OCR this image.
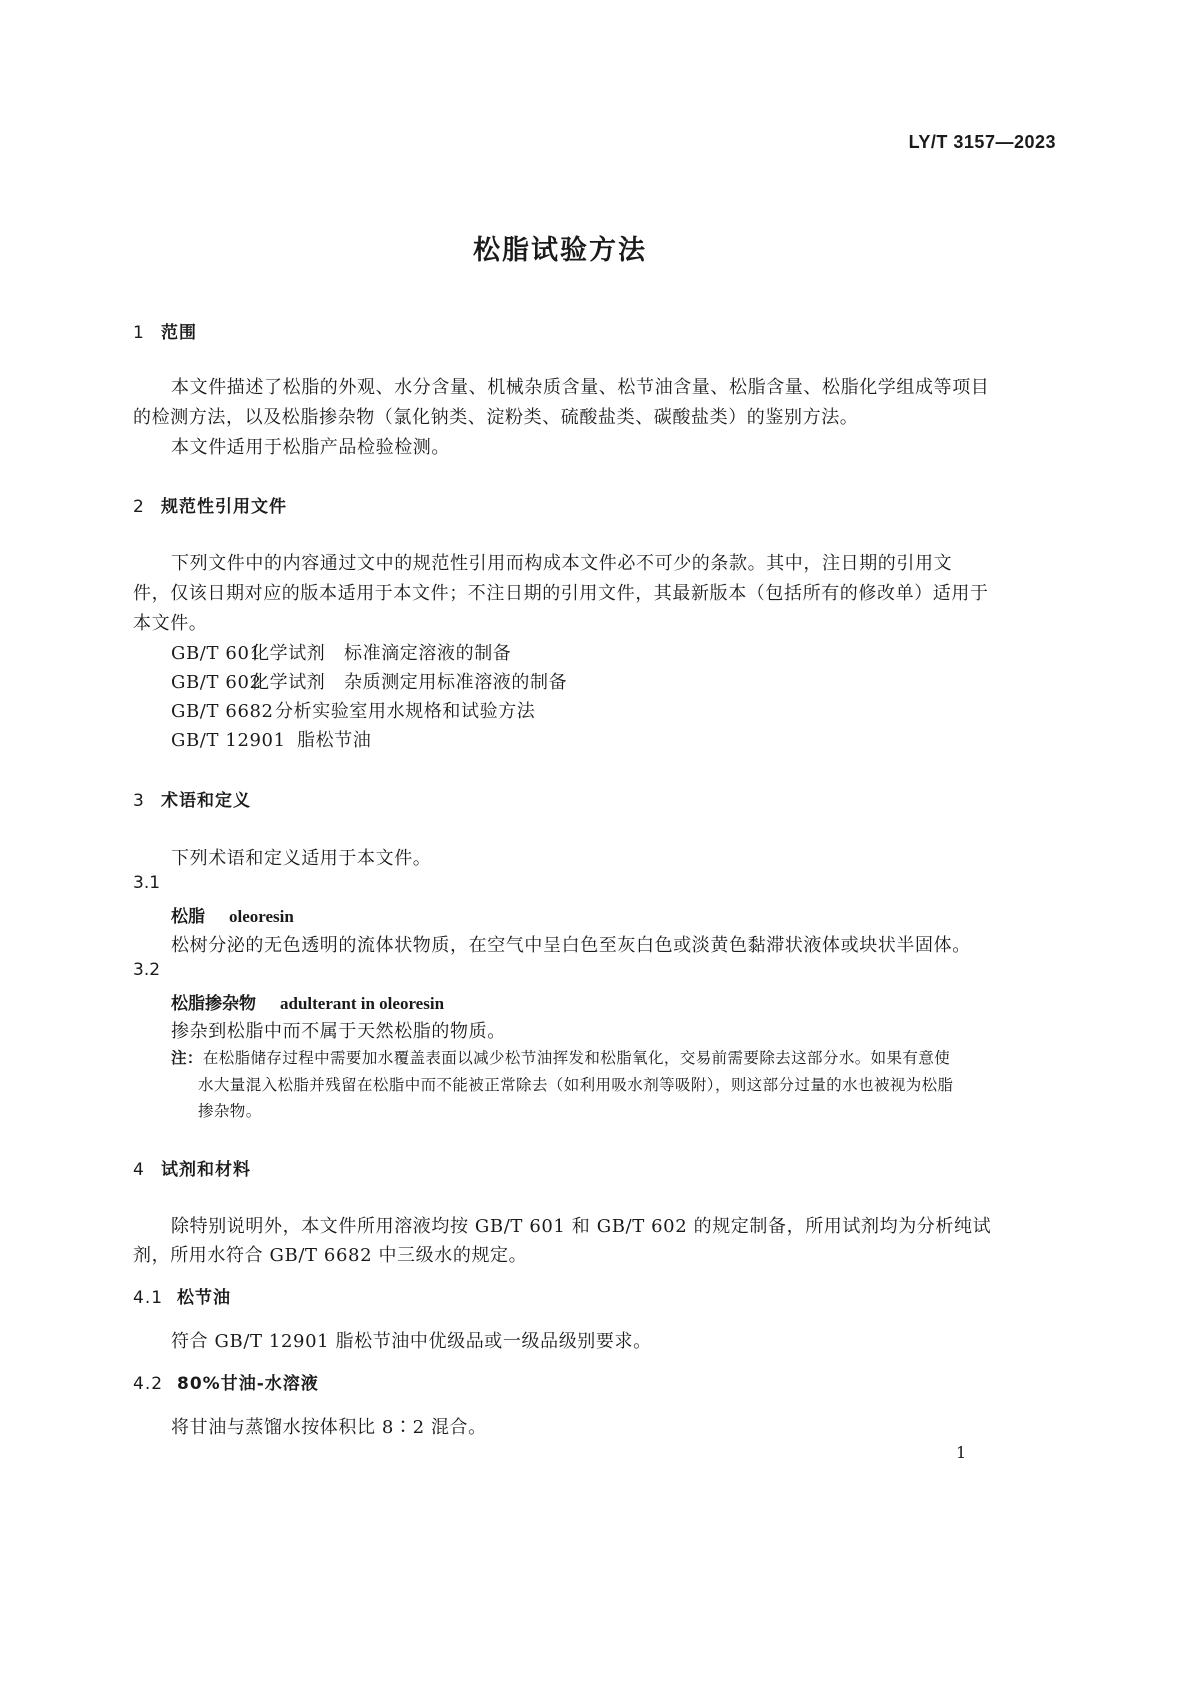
LY/T 3157—2023
松脂试验方法
1 范围
本文件描述了松脂的外观、水分含量、机械杂质含量、松节油含量、松脂含量、松脂化学组成等项目
的检测方法，以及松脂掺杂物（氯化钠类、淀粉类、硫酸盐类、碳酸盐类）的鉴别方法。
本文件适用于松脂产品检验检测。
2 规范性引用文件
下列文件中的内容通过文中的规范性引用而构成本文件必不可少的条款。其中，注日期的引用文
件，仅该日期对应的版本适用于本文件；不注日期的引用文件，其最新版本（包括所有的修改单）适用于
本文件。
GB/T 601化学试剂　标准滴定溶液的制备
GB/T 602化学试剂　杂质测定用标准溶液的制备
GB/T 6682分析实验室用水规格和试验方法
GB/T 12901 脂松节油
3 术语和定义
下列术语和定义适用于本文件。
3.1
松脂 oleoresin
松树分泌的无色透明的流体状物质，在空气中呈白色至灰白色或淡黄色黏滞状液体或块状半固体。
3.2
松脂掺杂物 adulterant in oleoresin
掺杂到松脂中而不属于天然松脂的物质。
注：在松脂储存过程中需要加水覆盖表面以减少松节油挥发和松脂氧化，交易前需要除去这部分水。如果有意使
水大量混入松脂并残留在松脂中而不能被正常除去（如利用吸水剂等吸附），则这部分过量的水也被视为松脂
掺杂物。
4 试剂和材料
除特别说明外，本文件所用溶液均按 GB/T 601 和 GB/T 602 的规定制备，所用试剂均为分析纯试
剂，所用水符合 GB/T 6682 中三级水的规定。
4.1 松节油
符合 GB/T 12901 脂松节油中优级品或一级品级别要求。
4.2 80%甘油-水溶液
将甘油与蒸馏水按体积比 8∶2 混合。
1
